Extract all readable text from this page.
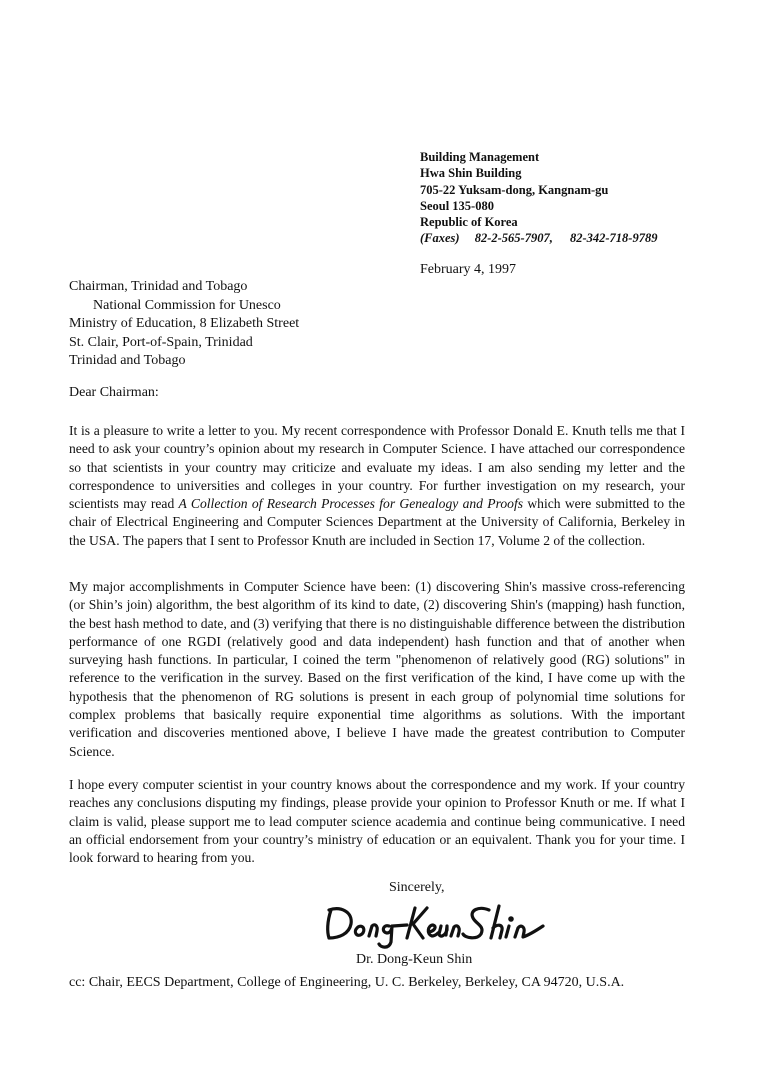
Building Management
Hwa Shin Building
705-22 Yuksam-dong, Kangnam-gu
Seoul 135-080
Republic of Korea
(Faxes) 82-2-565-7907, 82-342-718-9789
February 4, 1997
Chairman, Trinidad and Tobago
National Commission for Unesco
Ministry of Education, 8 Elizabeth Street
St. Clair, Port-of-Spain, Trinidad
Trinidad and Tobago
Dear Chairman:

It is a pleasure to write a letter to you. My recent correspondence with Professor Donald E. Knuth tells me that I need to ask your country’s opinion about my research in Computer Science. I have attached our correspondence so that scientists in your country may criticize and evaluate my ideas. I am also sending my letter and the correspondence to universities and colleges in your country. For further investigation on my research, your scientists may read A Collection of Research Processes for Genealogy and Proofs which were submitted to the chair of Electrical Engineering and Computer Sciences Department at the University of California, Berkeley in the USA. The papers that I sent to Professor Knuth are included in Section 17, Volume 2 of the collection.

My major accomplishments in Computer Science have been: (1) discovering Shin's massive cross-referencing (or Shin’s join) algorithm, the best algorithm of its kind to date, (2) discovering Shin's (mapping) hash function, the best hash method to date, and (3) verifying that there is no distinguishable difference between the distribution performance of one RGDI (relatively good and data independent) hash function and that of another when surveying hash functions. In particular, I coined the term "phenomenon of relatively good (RG) solutions" in reference to the verification in the survey. Based on the first verification of the kind, I have come up with the hypothesis that the phenomenon of RG solutions is present in each group of polynomial time solutions for complex problems that basically require exponential time algorithms as solutions. With the important verification and discoveries mentioned above, I believe I have made the greatest contribution to Computer Science.

I hope every computer scientist in your country knows about the correspondence and my work. If your country reaches any conclusions disputing my findings, please provide your opinion to Professor Knuth or me. If what I claim is valid, please support me to lead computer science academia and continue being communicative. I need an official endorsement from your country’s ministry of education or an equivalent. Thank you for your time. I look forward to hearing from you.

Sincerely,
Dr. Dong-Keun Shin
cc: Chair, EECS Department, College of Engineering, U. C. Berkeley, Berkeley, CA 94720, U.S.A.
